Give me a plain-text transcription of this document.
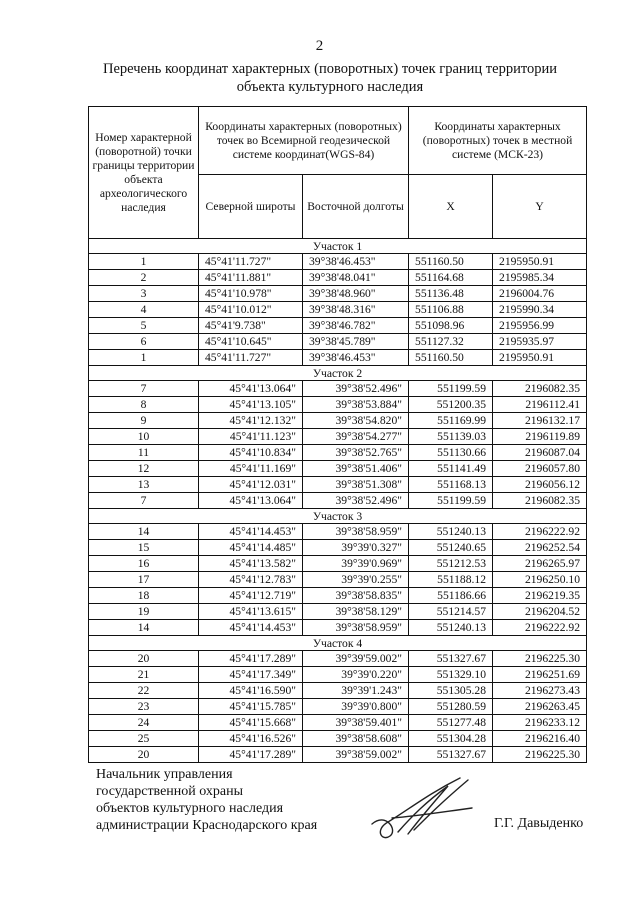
2
Перечень координат характерных (поворотных) точек границ территории
объекта культурного наследия
Номер характерной (поворотной) точки границы территории объекта археологического наследия	Координаты характерных (поворотных) точек во Всемирной геодезической системе координат(WGS-84)		Координаты характерных (поворотных) точек в местной системе (МСК-23)	
	Северной широты	Восточной долготы	X	Y
Участок 1				
1	45°41'11.727"	39°38'46.453"	551160.50	2195950.91
2	45°41'11.881"	39°38'48.041"	551164.68	2195985.34
3	45°41'10.978"	39°38'48.960"	551136.48	2196004.76
4	45°41'10.012"	39°38'48.316"	551106.88	2195990.34
5	45°41'9.738"	39°38'46.782"	551098.96	2195956.99
6	45°41'10.645"	39°38'45.789"	551127.32	2195935.97
1	45°41'11.727"	39°38'46.453"	551160.50	2195950.91
Участок 2				
7	45°41'13.064"	39°38'52.496"	551199.59	2196082.35
8	45°41'13.105"	39°38'53.884"	551200.35	2196112.41
9	45°41'12.132"	39°38'54.820"	551169.99	2196132.17
10	45°41'11.123"	39°38'54.277"	551139.03	2196119.89
11	45°41'10.834"	39°38'52.765"	551130.66	2196087.04
12	45°41'11.169"	39°38'51.406"	551141.49	2196057.80
13	45°41'12.031"	39°38'51.308"	551168.13	2196056.12
7	45°41'13.064"	39°38'52.496"	551199.59	2196082.35
Участок 3				
14	45°41'14.453"	39°38'58.959"	551240.13	2196222.92
15	45°41'14.485"	39°39'0.327"	551240.65	2196252.54
16	45°41'13.582"	39°39'0.969"	551212.53	2196265.97
17	45°41'12.783"	39°39'0.255"	551188.12	2196250.10
18	45°41'12.719"	39°38'58.835"	551186.66	2196219.35
19	45°41'13.615"	39°38'58.129"	551214.57	2196204.52
14	45°41'14.453"	39°38'58.959"	551240.13	2196222.92
Участок 4				
20	45°41'17.289"	39°39'59.002"	551327.67	2196225.30
21	45°41'17.349"	39°39'0.220"	551329.10	2196251.69
22	45°41'16.590"	39°39'1.243"	551305.28	2196273.43
23	45°41'15.785"	39°39'0.800"	551280.59	2196263.45
24	45°41'15.668"	39°38'59.401"	551277.48	2196233.12
25	45°41'16.526"	39°38'58.608"	551304.28	2196216.40
20	45°41'17.289"	39°38'59.002"	551327.67	2196225.30
Начальник управления
государственной охраны
объектов культурного наследия
администрации Краснодарского края	Г.Г. Давыденко
